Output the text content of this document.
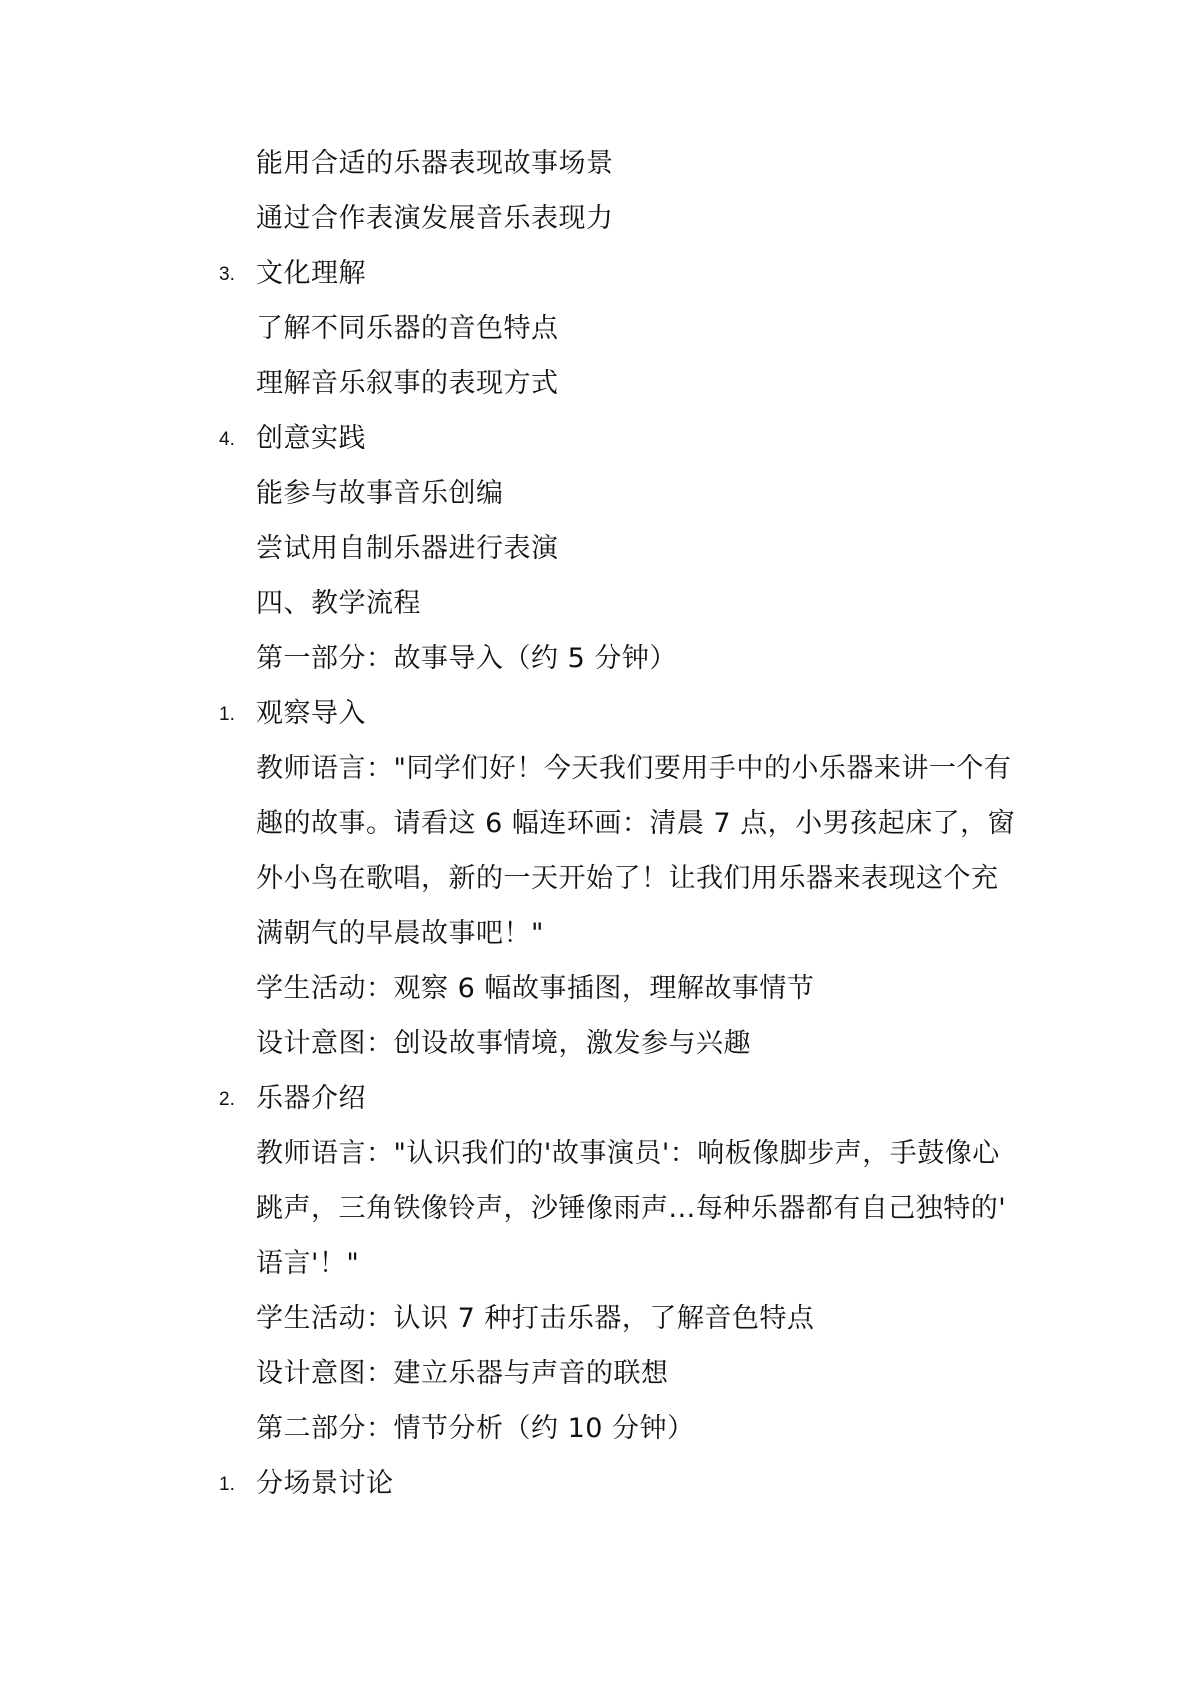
能用合适的乐器表现故事场景
通过合作表演发展音乐表现力
3. 文化理解
了解不同乐器的音色特点
理解音乐叙事的表现方式
4. 创意实践
能参与故事音乐创编
尝试用自制乐器进行表演
四、教学流程
第一部分：故事导入（约 5 分钟）
1. 观察导入
教师语言："同学们好！今天我们要用手中的小乐器来讲一个有
趣的故事。请看这 6 幅连环画：清晨 7 点，小男孩起床了，窗
外小鸟在歌唱，新的一天开始了！让我们用乐器来表现这个充
满朝气的早晨故事吧！"
学生活动：观察 6 幅故事插图，理解故事情节
设计意图：创设故事情境，激发参与兴趣
2. 乐器介绍
教师语言："认识我们的'故事演员'：响板像脚步声，手鼓像心
跳声，三角铁像铃声，沙锤像雨声...每种乐器都有自己独特的'
语言'！"
学生活动：认识 7 种打击乐器，了解音色特点
设计意图：建立乐器与声音的联想
第二部分：情节分析（约 10 分钟）
1. 分场景讨论
